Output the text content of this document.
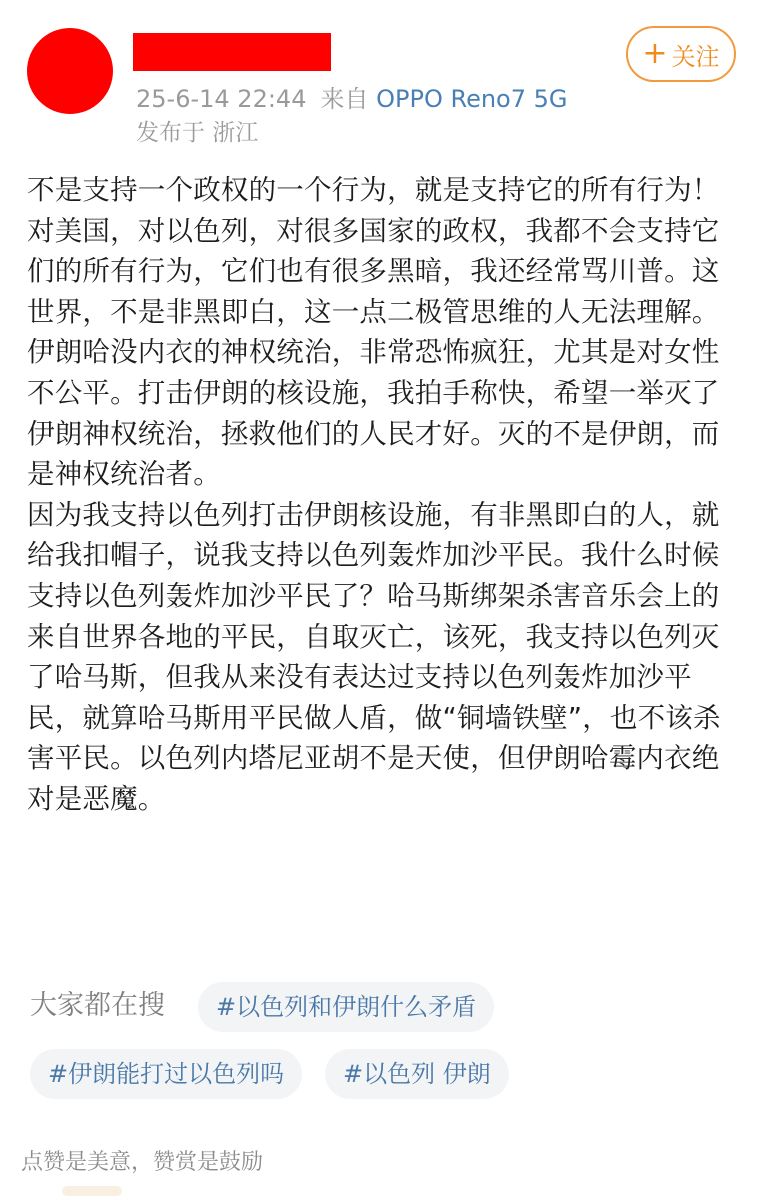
25-6-14 22:44 来自 OPPO Reno7 5G
发布于 浙江
+ 关注

不是支持一个政权的一个行为，就是支持它的所有行为！对美国，对以色列，对很多国家的政权，我都不会支持它们的所有行为，它们也有很多黑暗，我还经常骂川普。这世界，不是非黑即白，这一点二极管思维的人无法理解。伊朗哈没内衣的神权统治，非常恐怖疯狂，尤其是对女性不公平。打击伊朗的核设施，我拍手称快，希望一举灭了伊朗神权统治，拯救他们的人民才好。灭的不是伊朗，而是神权统治者。

因为我支持以色列打击伊朗核设施，有非黑即白的人，就给我扣帽子，说我支持以色列轰炸加沙平民。我什么时候支持以色列轰炸加沙平民了？哈马斯绑架杀害音乐会上的来自世界各地的平民，自取灭亡，该死，我支持以色列灭了哈马斯，但我从来没有表达过支持以色列轰炸加沙平民，就算哈马斯用平民做人盾，做“铜墙铁壁”，也不该杀害平民。以色列内塔尼亚胡不是天使，但伊朗哈霉内衣绝对是恶魔。

大家都在搜	#以色列和伊朗什么矛盾
#伊朗能打过以色列吗	#以色列 伊朗
点赞是美意，赞赏是鼓励
